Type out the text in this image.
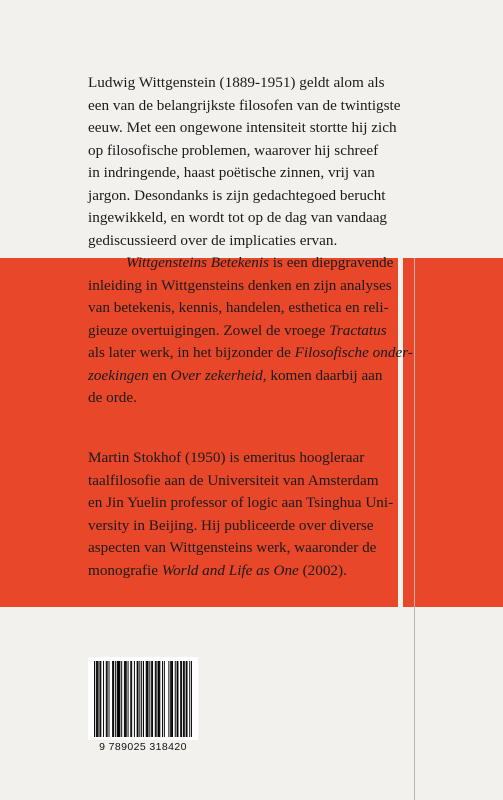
Ludwig Wittgenstein (1889-1951) geldt alom als
een van de belangrijkste filosofen van de twintigste
eeuw. Met een ongewone intensiteit stortte hij zich
op filosofische problemen, waarover hij schreef
in indringende, haast poëtische zinnen, vrij van
jargon. Desondanks is zijn gedachtegoed berucht
ingewikkeld, en wordt tot op de dag van vandaag
gediscussieerd over de implicaties ervan.

Wittgensteins Betekenis is een diepgravende
inleiding in Wittgensteins denken en zijn analyses
van betekenis, kennis, handelen, esthetica en reli-
gieuze overtuigingen. Zowel de vroege Tractatus
als later werk, in het bijzonder de Filosofische onder-
zoekingen en Over zekerheid, komen daarbij aan
de orde.

Martin Stokhof (1950) is emeritus hoogleraar
taalfilosofie aan de Universiteit van Amsterdam
en Jin Yuelin professor of logic aan Tsinghua Uni-
versity in Beijing. Hij publiceerde over diverse
aspecten van Wittgensteins werk, waaronder de
monografie World and Life as One (2002).

9 789025 318420
